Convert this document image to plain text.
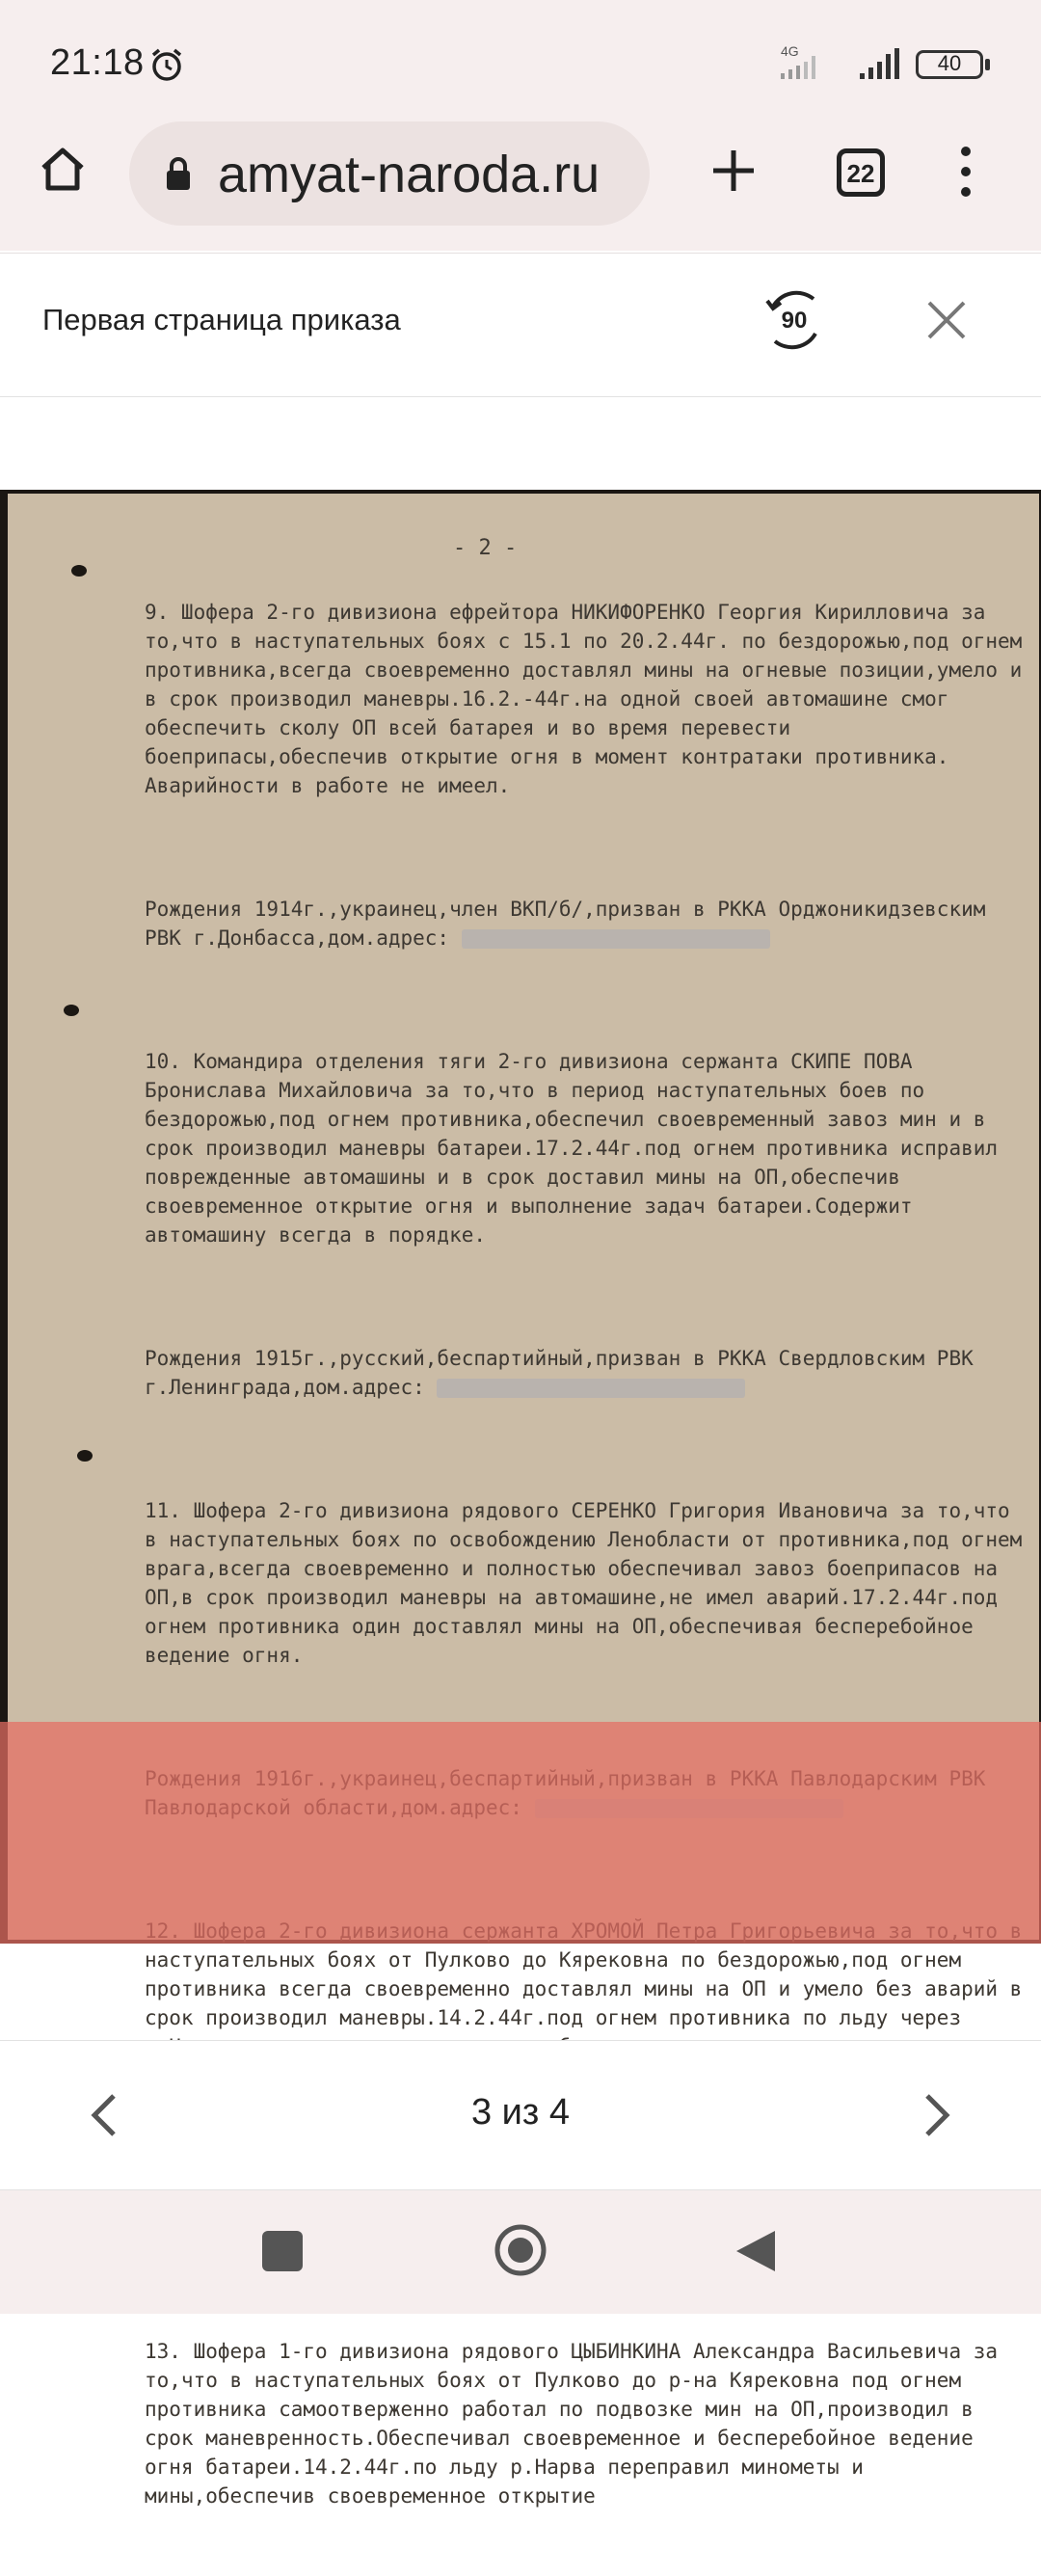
21:18	4G	40
amyat-naroda.ru	22
Первая страница приказа	90
- 2 -

9. Шофера 2-го дивизиона ефрейтора НИКИФОРЕНКО Георгия Кирилловича за то,что в наступательных боях с 15.1 по 20.2.44г. по бездорожью,под огнем противника,всегда своевременно доставлял мины на огневые позиции,умело и в срок производил маневры.16.2.-44г.на одной своей автомашине смог обеспечить сколу ОП всей батарея и во время перевести боеприпасы,обеспечив открытие огня в момент контратаки противника. Аварийности в работе не имеел.

Рождения 1914г.,украинец,член ВКП/б/,призван в РККА Орджоникидзевским РВК г.Донбасса,дом.адрес:

10. Командира отделения тяги 2-го дивизиона сержанта СКИПЕ ПОВА Брониславa Михайловича за то,что в период наступательных боев по бездорожью,под огнем противника,обеспечил своевременный завоз мин и в срок производил маневры батареи.17.2.44г.под огнем противника исправил поврежденные автомашины и в срок доставил мины на ОП,обеспечив своевременное открытие огня и выполнение задач батареи.Содержит автомашину всегда в порядке.

Рождения 1915г.,русский,беспартийный,призван в РККА Свердловским РВК г.Ленинграда,дом.адрес:

11. Шофера 2-го дивизиона рядового СЕРЕНКО Григория Ивановича за то,что в наступательных боях по освобождению Ленобласти от противника,под огнем врага,всегда своевременно и полностью обеспечивал завоз боеприпасов на ОП,в срок производил маневры на автомашине,не имел аварий.17.2.44г.под огнем противника один доставлял мины на ОП,обеспечивая бесперебойное ведение огня.

наступательных боях от Пулково до Кярековна по бездорожью,под огнем противника всегда своевременно доставлял мины на ОП и умело без аварий в срок производил маневры.14.2.44г.под огнем противника по льду через

13. Шофера 1-го дивизиона рядового ЦЫБИНКИНА Александра Васильевича за то,что в наступательных боях от Пулково до р-на Кярековна под огнем противника самоотверженно работал по подвозке мин на ОП,производил в срок маневренность.Обеспечивал своевременное и бесперебойное ведение огня батареи.14.2.44г.по льду р.Нарва переправил минометы и мины,обеспечив своевременное открытие

3 из 4
